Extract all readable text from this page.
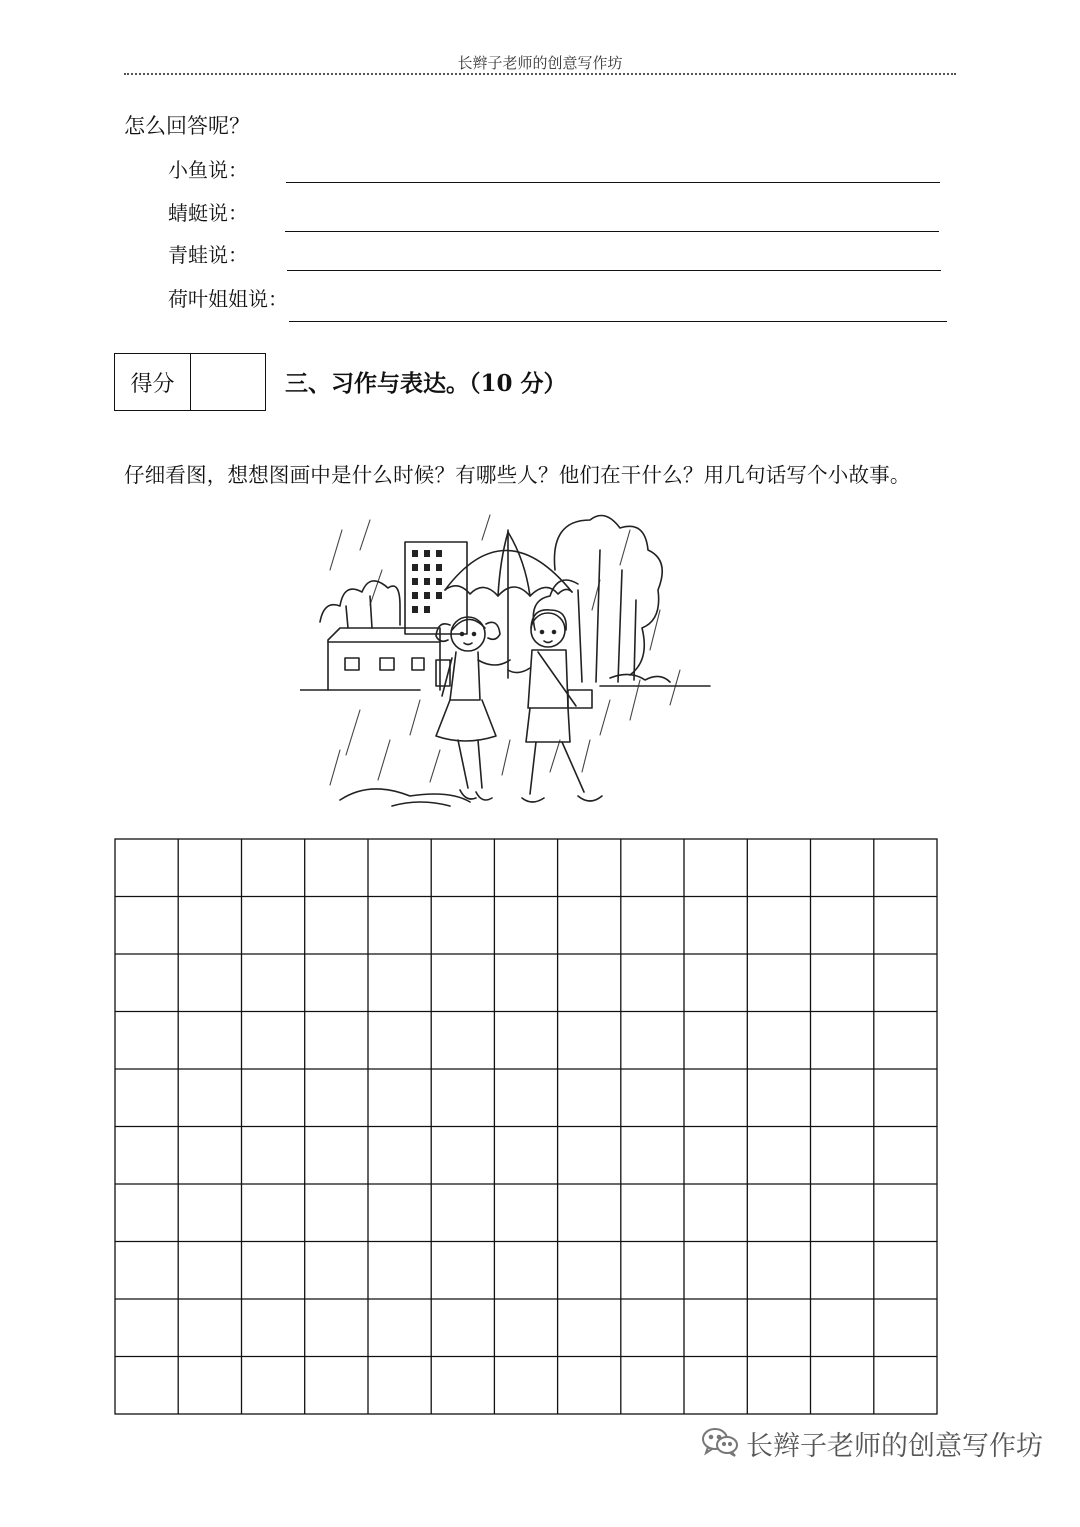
长辫子老师的创意写作坊
怎么回答呢？
小鱼说：
蜻蜓说：
青蛙说：
荷叶姐姐说：
得分	三、习作与表达。（10 分）
仔细看图，想想图画中是什么时候？有哪些人？他们在干什么？用几句话写个小故事。
长辫子老师的创意写作坊
